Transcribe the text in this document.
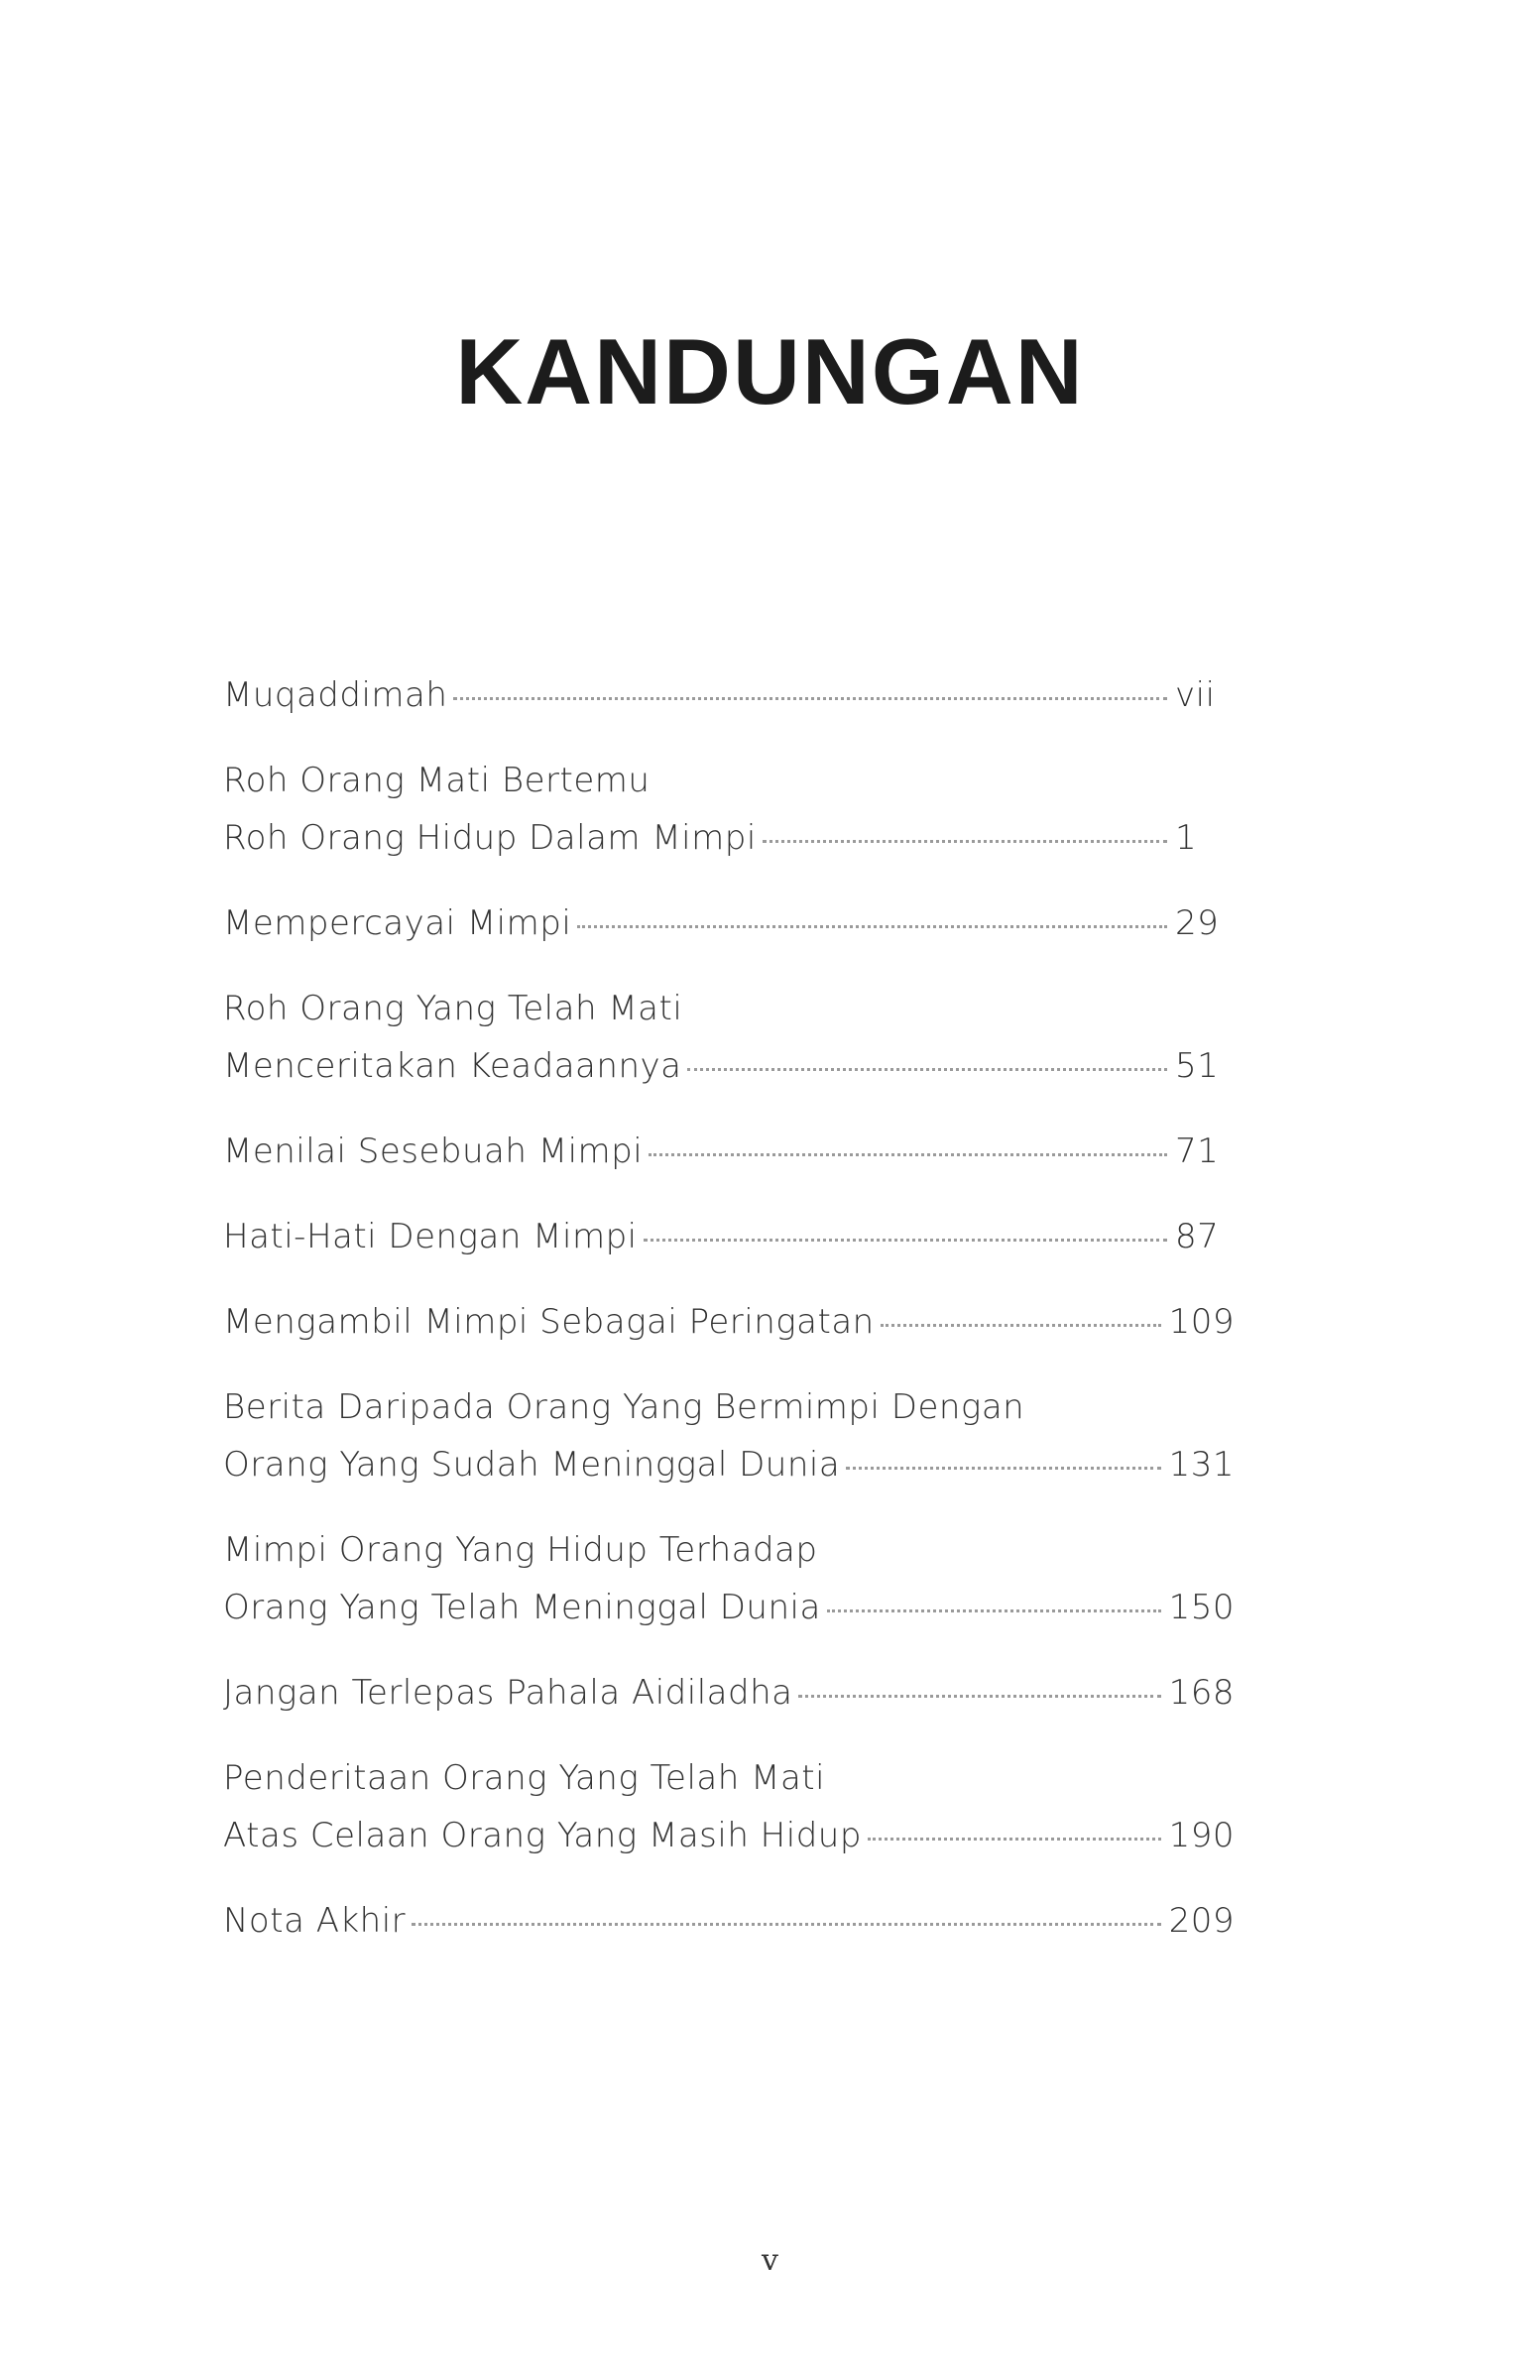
KANDUNGAN
Muqaddimah	vii
Roh Orang Mati Bertemu
Roh Orang Hidup Dalam Mimpi	1
Mempercayai Mimpi	29
Roh Orang Yang Telah Mati
Menceritakan Keadaannya	51
Menilai Sesebuah Mimpi	71
Hati-Hati Dengan Mimpi	87
Mengambil Mimpi Sebagai Peringatan	109
Berita Daripada Orang Yang Bermimpi Dengan
Orang Yang Sudah Meninggal Dunia	131
Mimpi Orang Yang Hidup Terhadap
Orang Yang Telah Meninggal Dunia	150
Jangan Terlepas Pahala Aidiladha	168
Penderitaan Orang Yang Telah Mati
Atas Celaan Orang Yang Masih Hidup	190
Nota Akhir	209
v
